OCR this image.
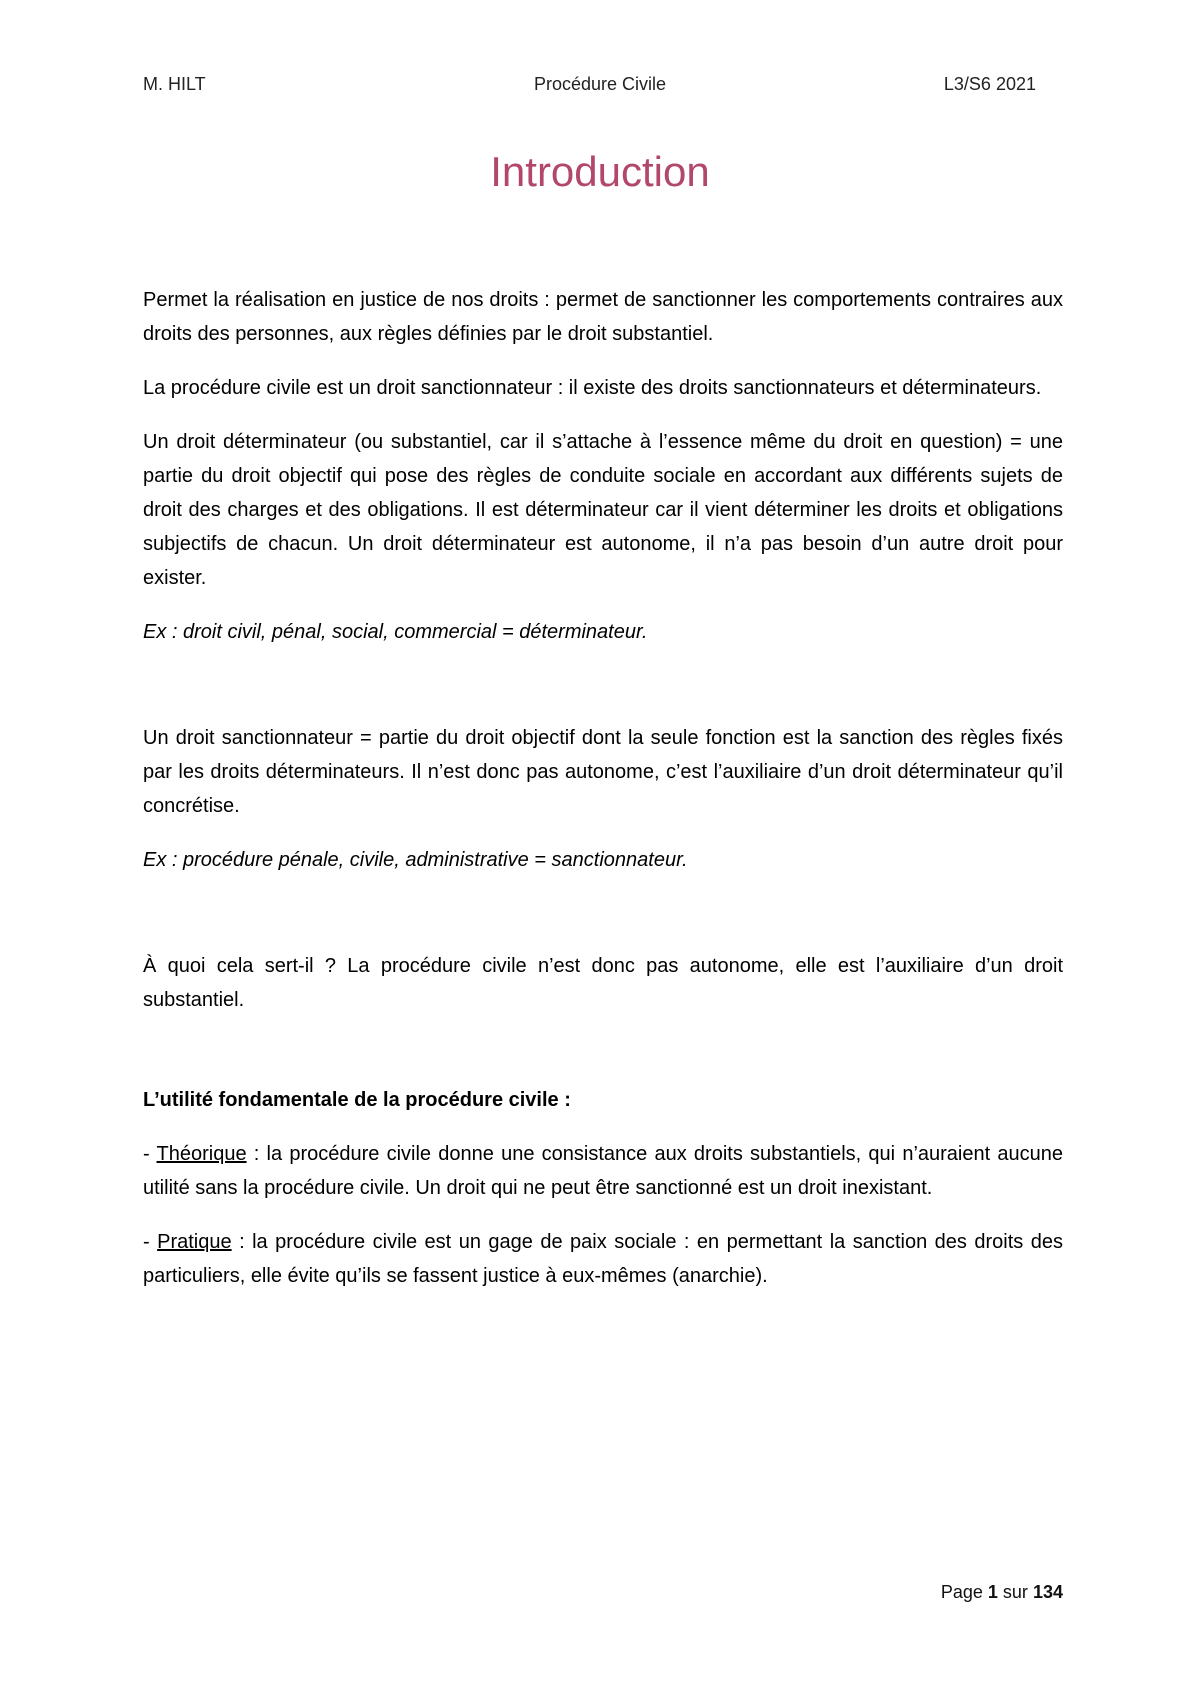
M. HILT	Procédure Civile	L3/S6 2021
Introduction

Permet la réalisation en justice de nos droits : permet de sanctionner les comportements contraires aux droits des personnes, aux règles définies par le droit substantiel.

La procédure civile est un droit sanctionnateur : il existe des droits sanctionnateurs et déterminateurs.

Un droit déterminateur (ou substantiel, car il s’attache à l’essence même du droit en question) = une partie du droit objectif qui pose des règles de conduite sociale en accordant aux différents sujets de droit des charges et des obligations. Il est déterminateur car il vient déterminer les droits et obligations subjectifs de chacun. Un droit déterminateur est autonome, il n’a pas besoin d’un autre droit pour exister.

Ex : droit civil, pénal, social, commercial = déterminateur.

Un droit sanctionnateur = partie du droit objectif dont la seule fonction est la sanction des règles fixés par les droits déterminateurs. Il n’est donc pas autonome, c’est l’auxiliaire d’un droit déterminateur qu’il concrétise.

Ex : procédure pénale, civile, administrative = sanctionnateur.

À quoi cela sert-il ? La procédure civile n’est donc pas autonome, elle est l’auxiliaire d’un droit substantiel.

L’utilité fondamentale de la procédure civile :

- Théorique : la procédure civile donne une consistance aux droits substantiels, qui n’auraient aucune utilité sans la procédure civile. Un droit qui ne peut être sanctionné est un droit inexistant.

- Pratique : la procédure civile est un gage de paix sociale : en permettant la sanction des droits des particuliers, elle évite qu’ils se fassent justice à eux-mêmes (anarchie).

Page 1 sur 134
